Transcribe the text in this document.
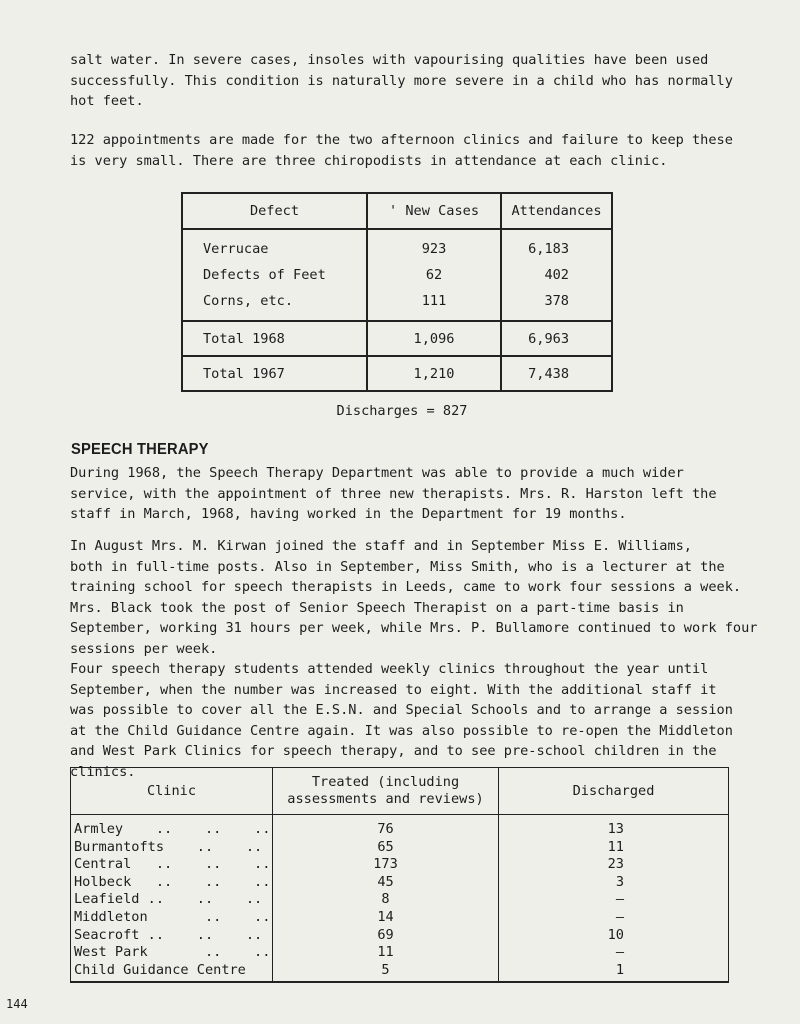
salt water. In severe cases, insoles with vapourising qualities have been used
successfully. This condition is naturally more severe in a child who has normally
hot feet.

122 appointments are made for the two afternoon clinics and failure to keep these
is very small. There are three chiropodists in attendance at each clinic.

Defect	' New Cases	Attendances
Verrucae	923	6,183
Defects of Feet	62	402
Corns, etc.	111	378
Total 1968	1,096	6,963
Total 1967	1,210	7,438

Discharges = 827

SPEECH THERAPY

During 1968, the Speech Therapy Department was able to provide a much wider
service, with the appointment of three new therapists. Mrs. R. Harston left the
staff in March, 1968, having worked in the Department for 19 months.

In August Mrs. M. Kirwan joined the staff and in September Miss E. Williams,
both in full-time posts. Also in September, Miss Smith, who is a lecturer at the
training school for speech therapists in Leeds, came to work four sessions a week.
Mrs. Black took the post of Senior Speech Therapist on a part-time basis in
September, working 31 hours per week, while Mrs. P. Bullamore continued to work four
sessions per week.

Four speech therapy students attended weekly clinics throughout the year until
September, when the number was increased to eight. With the additional staff it
was possible to cover all the E.S.N. and Special Schools and to arrange a session
at the Child Guidance Centre again. It was also possible to re-open the Middleton
and West Park Clinics for speech therapy, and to see pre-school children in the
clinics.

Clinic	Treated (including
assessments and reviews)	Discharged
Armley    ..    ..    ..	76	13
Burmantofts    ..    ..	65	11
Central   ..    ..    ..	173	23
Holbeck   ..    ..    ..	45	3
Leafield ..    ..    ..	8	–
Middleton       ..    ..	14	–
Seacroft ..    ..    ..	69	10
West Park       ..    ..	11	–
Child Guidance Centre	5	1

144
